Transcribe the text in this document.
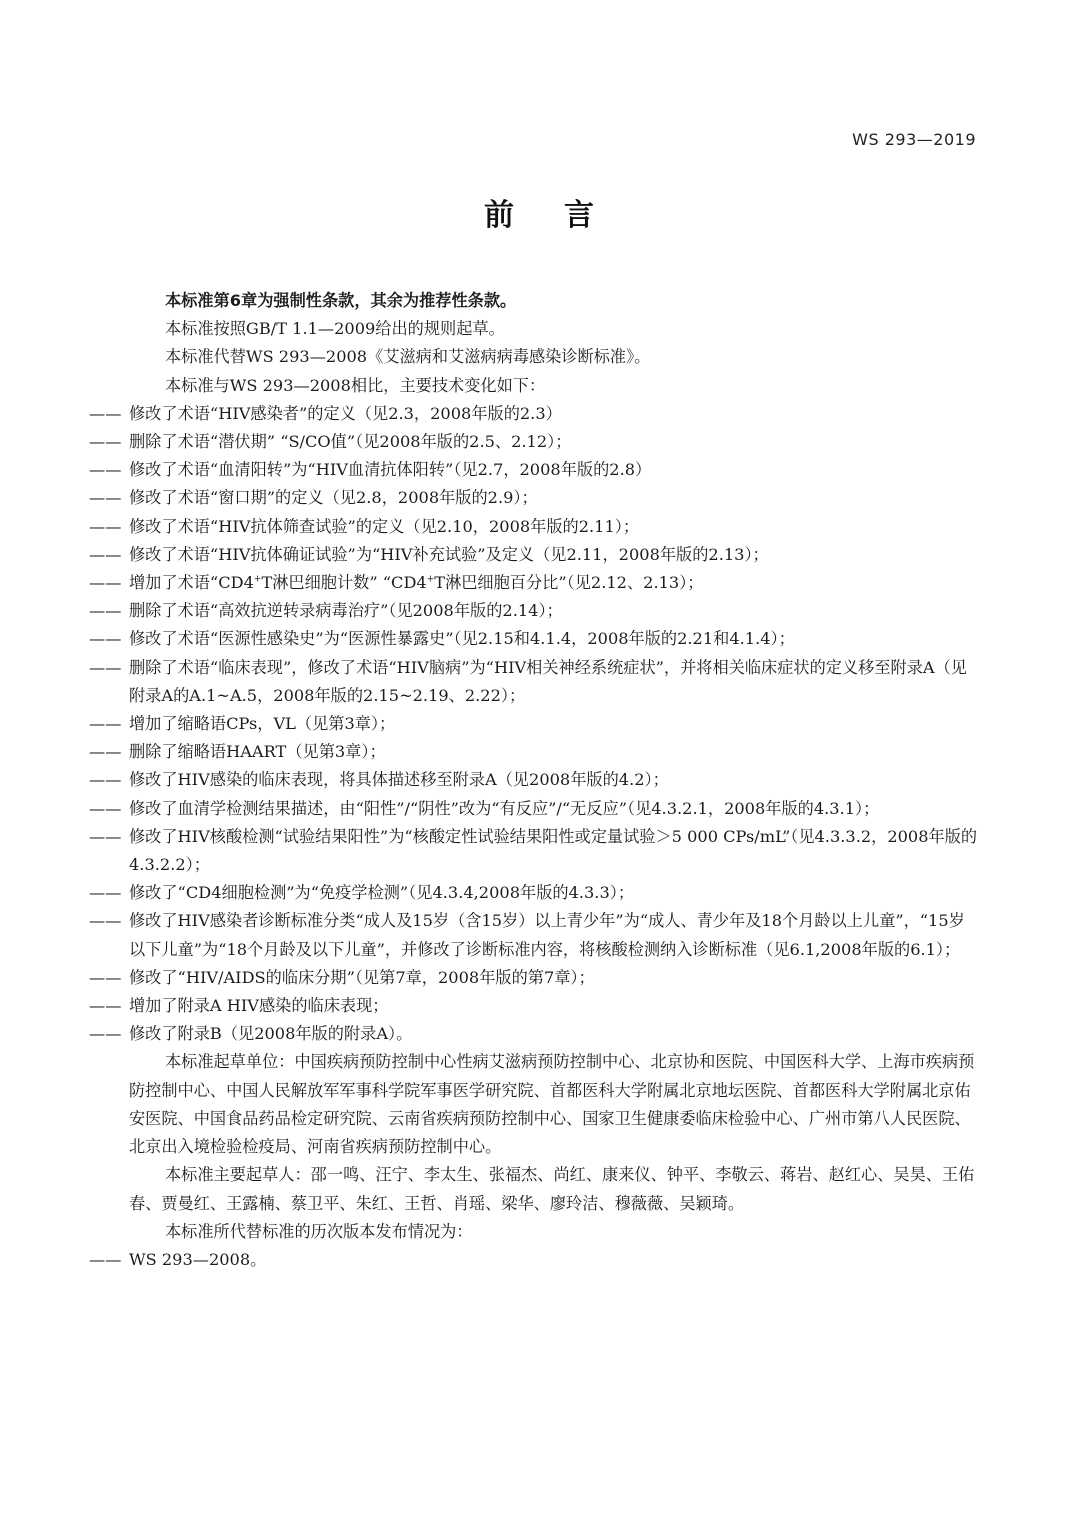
WS 293—2019
前 言

本标准第6章为强制性条款，其余为推荐性条款。

本标准按照GB/T 1.1—2009给出的规则起草。

本标准代替WS 293—2008《艾滋病和艾滋病病毒感染诊断标准》。

本标准与WS 293—2008相比，主要技术变化如下：

—— 修改了术语“HIV感染者”的定义（见2.3，2008年版的2.3）

—— 删除了术语“潜伏期” “S/CO值”（见2008年版的2.5、2.12）；

—— 修改了术语“血清阳转”为“HIV血清抗体阳转”（见2.7，2008年版的2.8）

—— 修改了术语“窗口期”的定义（见2.8，2008年版的2.9）；

—— 修改了术语“HIV抗体筛查试验”的定义（见2.10，2008年版的2.11）；

—— 修改了术语“HIV抗体确证试验”为“HIV补充试验”及定义（见2.11，2008年版的2.13）；

—— 增加了术语“CD4+T淋巴细胞计数” “CD4+T淋巴细胞百分比”（见2.12、2.13）；

—— 删除了术语“高效抗逆转录病毒治疗”（见2008年版的2.14）；

—— 修改了术语“医源性感染史”为“医源性暴露史”（见2.15和4.1.4，2008年版的2.21和4.1.4）；

—— 删除了术语“临床表现”，修改了术语“HIV脑病”为“HIV相关神经系统症状”，并将相关临床症状的定义移至附录A（见附录A的A.1~A.5，2008年版的2.15~2.19、2.22）；

—— 增加了缩略语CPs，VL（见第3章）；

—— 删除了缩略语HAART（见第3章）；

—— 修改了HIV感染的临床表现，将具体描述移至附录A（见2008年版的4.2）；

—— 修改了血清学检测结果描述，由“阳性”/“阴性”改为“有反应”/“无反应”（见4.3.2.1，2008年版的4.3.1）；

—— 修改了HIV核酸检测“试验结果阳性”为“核酸定性试验结果阳性或定量试验＞5 000 CPs/mL”（见4.3.3.2，2008年版的4.3.2.2）；

—— 修改了“CD4细胞检测”为“免疫学检测”（见4.3.4,2008年版的4.3.3）；

—— 修改了HIV感染者诊断标准分类“成人及15岁（含15岁）以上青少年”为“成人、青少年及18个月龄以上儿童”，“15岁以下儿童”为“18个月龄及以下儿童”，并修改了诊断标准内容，将核酸检测纳入诊断标准（见6.1,2008年版的6.1）；

—— 修改了“HIV/AIDS的临床分期”（见第7章，2008年版的第7章）；

—— 增加了附录A HIV感染的临床表现；

—— 修改了附录B（见2008年版的附录A）。

本标准起草单位：中国疾病预防控制中心性病艾滋病预防控制中心、北京协和医院、中国医科大学、上海市疾病预防控制中心、中国人民解放军军事科学院军事医学研究院、首都医科大学附属北京地坛医院、首都医科大学附属北京佑安医院、中国食品药品检定研究院、云南省疾病预防控制中心、国家卫生健康委临床检验中心、广州市第八人民医院、北京出入境检验检疫局、河南省疾病预防控制中心。

本标准主要起草人：邵一鸣、汪宁、李太生、张福杰、尚红、康来仪、钟平、李敬云、蒋岩、赵红心、吴昊、王佑春、贾曼红、王露楠、蔡卫平、朱红、王哲、肖瑶、梁华、廖玲洁、穆薇薇、吴颖琦。

本标准所代替标准的历次版本发布情况为：

—— WS 293—2008。
